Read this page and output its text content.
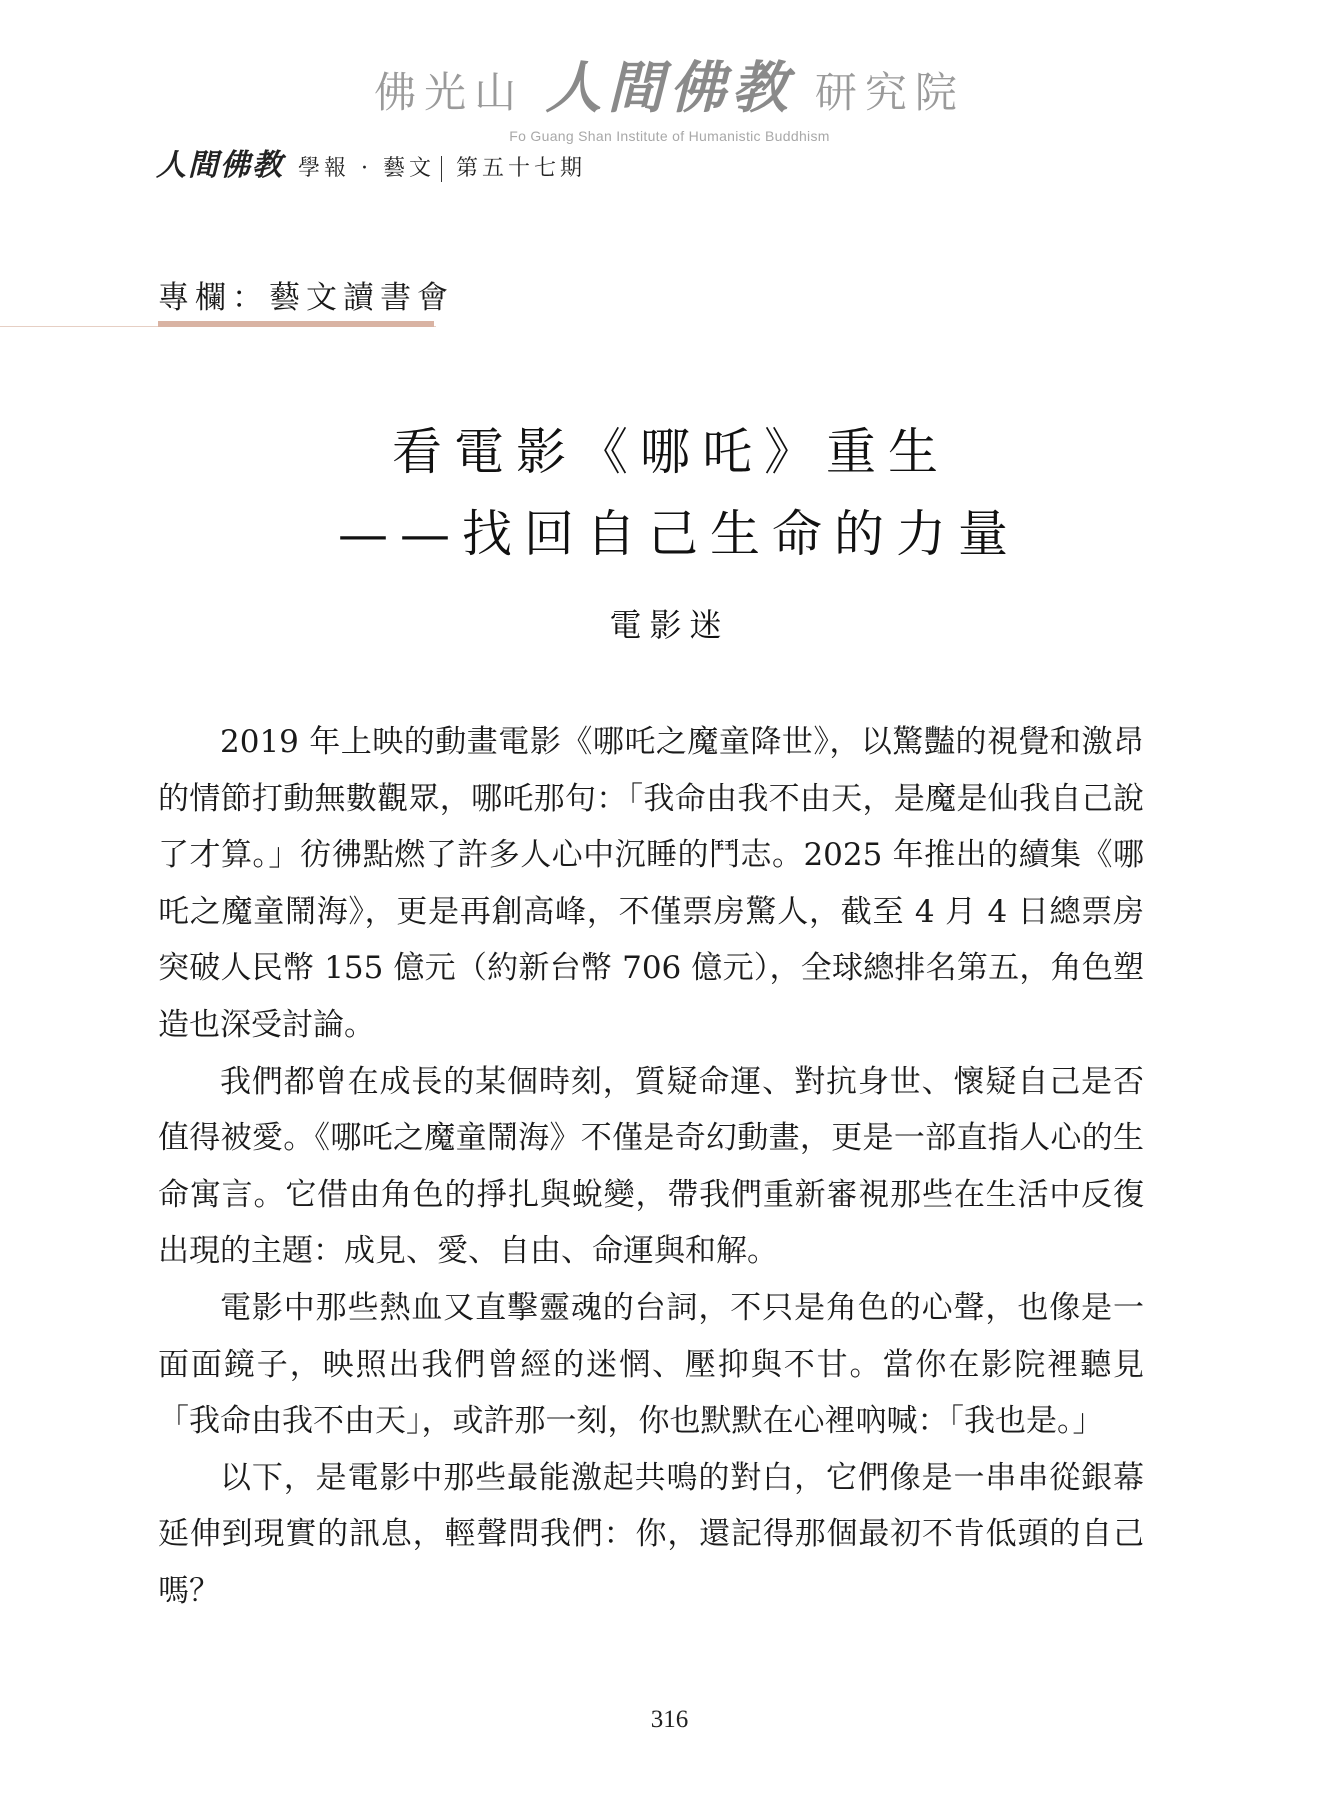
佛光山 人間佛教 研究院
Fo Guang Shan Institute of Humanistic Buddhism
人間佛教 學報 · 藝文 第五十七期
專欄：藝文讀書會
看電影《哪吒》重生
——找回自己生命的力量
電影迷

2019 年上映的動畫電影《哪吒之魔童降世》，以驚豔的視覺和激昂的情節打動無數觀眾，哪吒那句：「我命由我不由天，是魔是仙我自己說了才算。」彷彿點燃了許多人心中沉睡的鬥志。2025 年推出的續集《哪吒之魔童鬧海》，更是再創高峰，不僅票房驚人，截至 4 月 4 日總票房突破人民幣 155 億元（約新台幣 706 億元），全球總排名第五，角色塑造也深受討論。

我們都曾在成長的某個時刻，質疑命運、對抗身世、懷疑自己是否值得被愛。《哪吒之魔童鬧海》不僅是奇幻動畫，更是一部直指人心的生命寓言。它借由角色的掙扎與蛻變，帶我們重新審視那些在生活中反復出現的主題：成見、愛、自由、命運與和解。

電影中那些熱血又直擊靈魂的台詞，不只是角色的心聲，也像是一面面鏡子，映照出我們曾經的迷惘、壓抑與不甘。當你在影院裡聽見「我命由我不由天」，或許那一刻，你也默默在心裡吶喊：「我也是。」

以下，是電影中那些最能激起共鳴的對白，它們像是一串串從銀幕延伸到現實的訊息，輕聲問我們：你，還記得那個最初不肯低頭的自己嗎？

316
